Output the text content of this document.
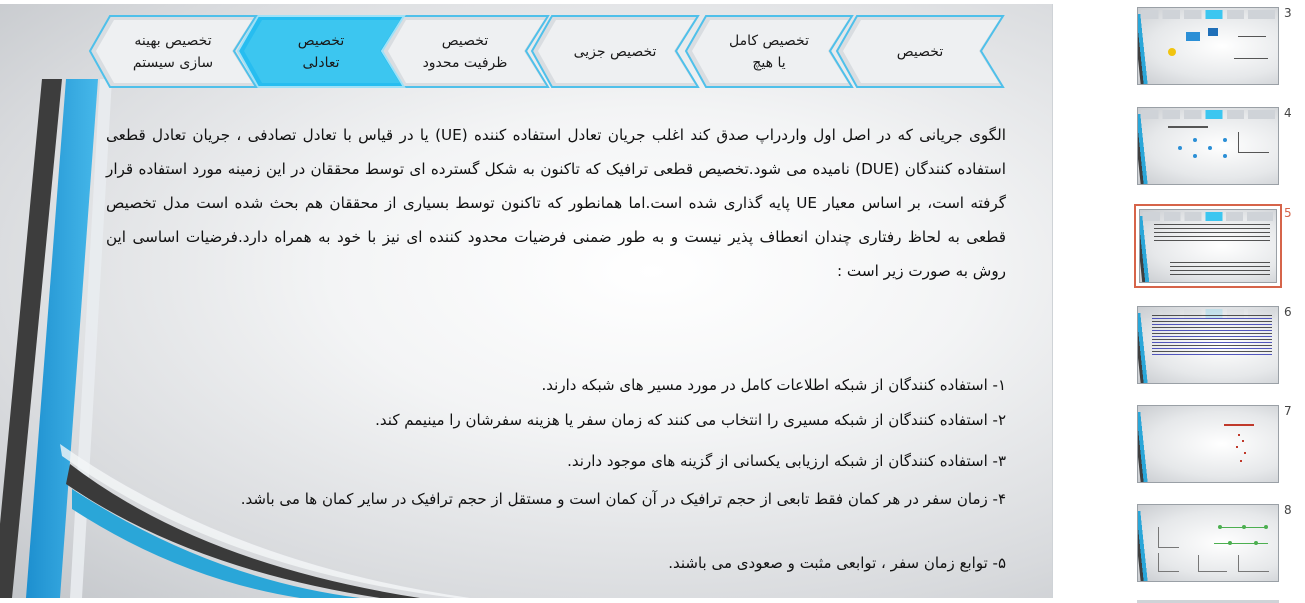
تخصیص
تخصیص کامل
یا هیچ
تخصیص جزیی
تخصیص
ظرفیت محدود
تخصیص
تعادلی
تخصیص بهینه
سازی سیستم
الگوی جریانی که در اصل اول واردراپ صدق کند اغلب جریان تعادل استفاده کننده (UE) یا در قیاس با تعادل تصادفی ، جریان تعادل قطعی استفاده کنندگان (DUE) نامیده می شود.تخصیص قطعی ترافیک که تاکنون به شکل گسترده ای توسط محققان در این زمینه مورد استفاده قرار گرفته است، بر اساس معیار UE پایه گذاری شده است.اما همانطور که تاکنون توسط بسیاری از محققان هم بحث شده است مدل تخصیص قطعی به لحاظ رفتاری چندان انعطاف پذیر نیست و به طور ضمنی فرضیات محدود کننده ای نیز با خود به همراه دارد.فرضیات اساسی این روش به صورت زیر است :
۱- استفاده کنندگان از شبکه اطلاعات کامل در مورد مسیر های شبکه دارند.
۲- استفاده کنندگان از شبکه مسیری را انتخاب می کنند که زمان سفر یا هزینه سفرشان را مینیمم کند.
۳- استفاده کنندگان از شبکه ارزیابی یکسانی از گزینه های موجود دارند.
۴- زمان سفر در هر کمان فقط تابعی از حجم ترافیک در آن کمان است و مستقل از حجم ترافیک در سایر کمان ها می باشد.
۵- توابع زمان سفر ، توابعی مثبت و صعودی می باشند.
3
4
5
6
7
8
